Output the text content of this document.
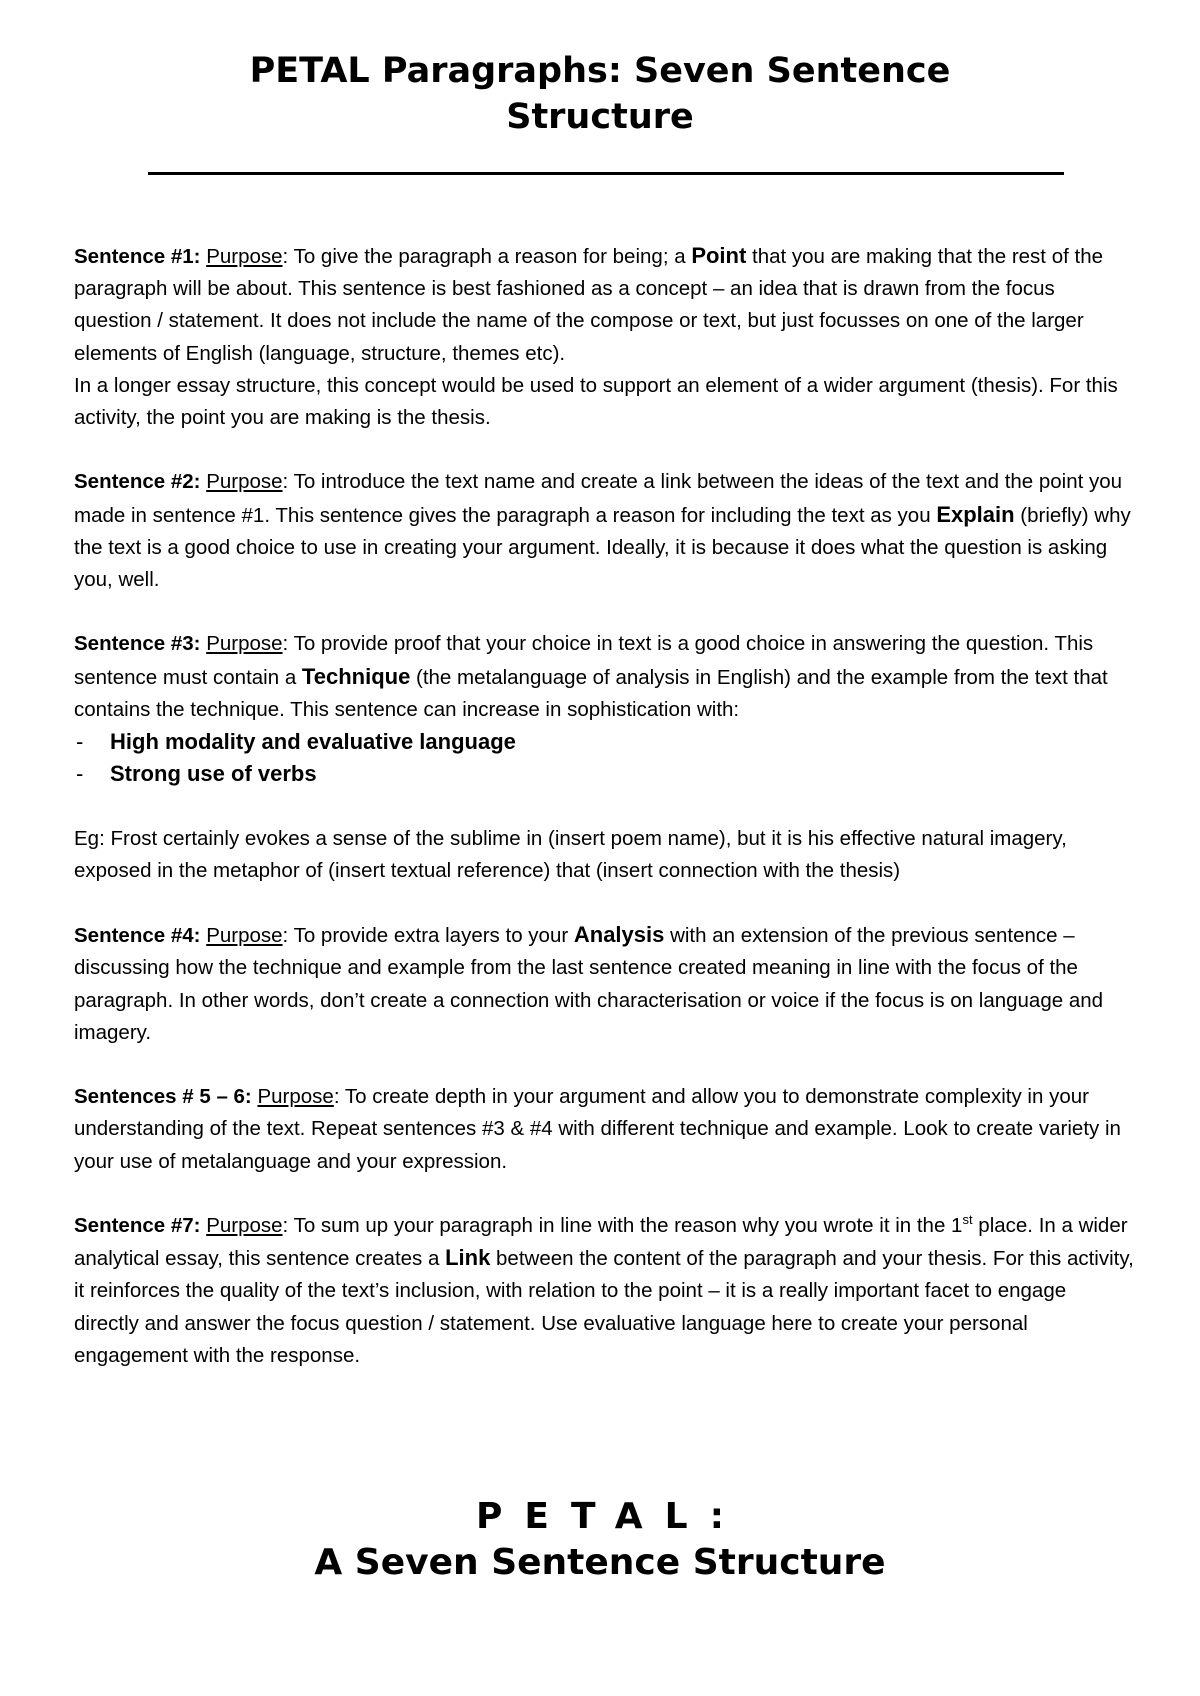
PETAL Paragraphs: Seven Sentence
Structure

Sentence #1: Purpose: To give the paragraph a reason for being; a Point that you are making that the rest of the paragraph will be about. This sentence is best fashioned as a concept – an idea that is drawn from the focus question / statement. It does not include the name of the compose or text, but just focusses on one of the larger elements of English (language, structure, themes etc).

In a longer essay structure, this concept would be used to support an element of a wider argument (thesis). For this activity, the point you are making is the thesis.

Sentence #2: Purpose: To introduce the text name and create a link between the ideas of the text and the point you made in sentence #1. This sentence gives the paragraph a reason for including the text as you Explain (briefly) why the text is a good choice to use in creating your argument. Ideally, it is because it does what the question is asking you, well.

Sentence #3: Purpose: To provide proof that your choice in text is a good choice in answering the question. This sentence must contain a Technique (the metalanguage of analysis in English) and the example from the text that contains the technique. This sentence can increase in sophistication with:

- High modality and evaluative language
- Strong use of verbs

Eg: Frost certainly evokes a sense of the sublime in (insert poem name), but it is his effective natural imagery, exposed in the metaphor of (insert textual reference) that (insert connection with the thesis)

Sentence #4: Purpose: To provide extra layers to your Analysis with an extension of the previous sentence – discussing how the technique and example from the last sentence created meaning in line with the focus of the paragraph. In other words, don’t create a connection with characterisation or voice if the focus is on language and imagery.

Sentences # 5 – 6: Purpose: To create depth in your argument and allow you to demonstrate complexity in your understanding of the text. Repeat sentences #3 & #4 with different technique and example. Look to create variety in your use of metalanguage and your expression.

Sentence #7: Purpose: To sum up your paragraph in line with the reason why you wrote it in the 1st place. In a wider analytical essay, this sentence creates a Link between the content of the paragraph and your thesis. For this activity, it reinforces the quality of the text’s inclusion, with relation to the point – it is a really important facet to engage directly and answer the focus question / statement. Use evaluative language here to create your personal engagement with the response.

PETAL:
A Seven Sentence Structure
